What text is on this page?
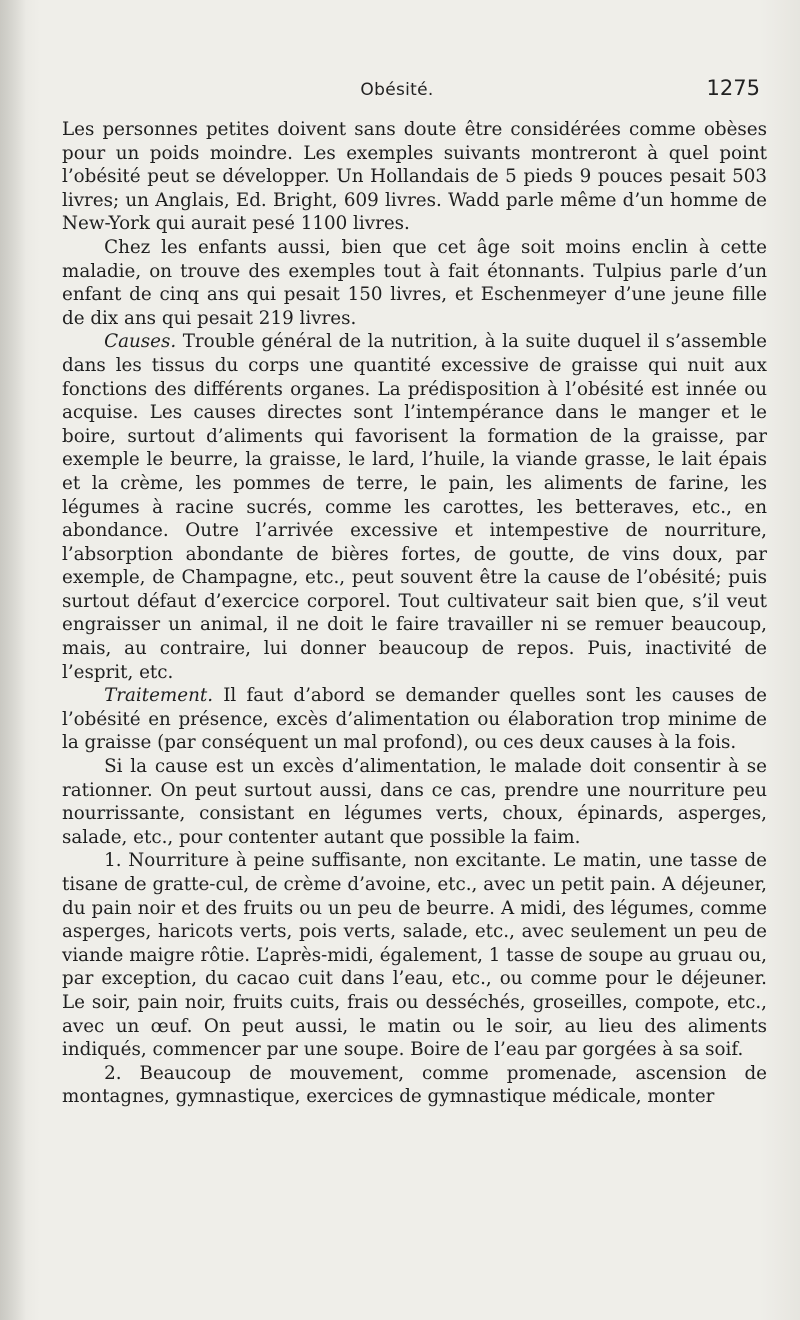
Obésité.	1275

Les personnes petites doivent sans doute être considérées comme obèses pour un poids moindre. Les exemples suivants montreront à quel point l’obésité peut se développer. Un Hollandais de 5 pieds 9 pouces pesait 503 livres; un Anglais, Ed. Bright, 609 livres. Wadd parle même d’un homme de New-York qui aurait pesé 1100 livres.

Chez les enfants aussi, bien que cet âge soit moins enclin à cette maladie, on trouve des exemples tout à fait étonnants. Tulpius parle d’un enfant de cinq ans qui pesait 150 livres, et Eschenmeyer d’une jeune fille de dix ans qui pesait 219 livres.

Causes. Trouble général de la nutrition, à la suite duquel il s’assemble dans les tissus du corps une quantité excessive de graisse qui nuit aux fonctions des différents organes. La prédisposition à l’obésité est innée ou acquise. Les causes directes sont l’intempérance dans le manger et le boire, surtout d’aliments qui favorisent la formation de la graisse, par exemple le beurre, la graisse, le lard, l’huile, la viande grasse, le lait épais et la crème, les pommes de terre, le pain, les aliments de farine, les légumes à racine sucrés, comme les carottes, les betteraves, etc., en abondance. Outre l’arrivée excessive et intempestive de nourriture, l’absorption abondante de bières fortes, de goutte, de vins doux, par exemple, de Champagne, etc., peut souvent être la cause de l’obésité; puis surtout défaut d’exercice corporel. Tout cultivateur sait bien que, s’il veut engraisser un animal, il ne doit le faire travailler ni se remuer beaucoup, mais, au contraire, lui donner beaucoup de repos. Puis, inactivité de l’esprit, etc.

Traitement. Il faut d’abord se demander quelles sont les causes de l’obésité en présence, excès d’alimentation ou élaboration trop minime de la graisse (par conséquent un mal profond), ou ces deux causes à la fois.

Si la cause est un excès d’alimentation, le malade doit consentir à se rationner. On peut surtout aussi, dans ce cas, prendre une nourriture peu nourrissante, consistant en légumes verts, choux, épinards, asperges, salade, etc., pour contenter autant que possible la faim.

1. Nourriture à peine suffisante, non excitante. Le matin, une tasse de tisane de gratte-cul, de crème d’avoine, etc., avec un petit pain. A déjeuner, du pain noir et des fruits ou un peu de beurre. A midi, des légumes, comme asperges, haricots verts, pois verts, salade, etc., avec seulement un peu de viande maigre rôtie. L’après-midi, également, 1 tasse de soupe au gruau ou, par exception, du cacao cuit dans l’eau, etc., ou comme pour le déjeuner. Le soir, pain noir, fruits cuits, frais ou desséchés, groseilles, compote, etc., avec un œuf. On peut aussi, le matin ou le soir, au lieu des aliments indiqués, commencer par une soupe. Boire de l’eau par gorgées à sa soif.

2. Beaucoup de mouvement, comme promenade, ascension de montagnes, gymnastique, exercices de gymnastique médicale, monter
